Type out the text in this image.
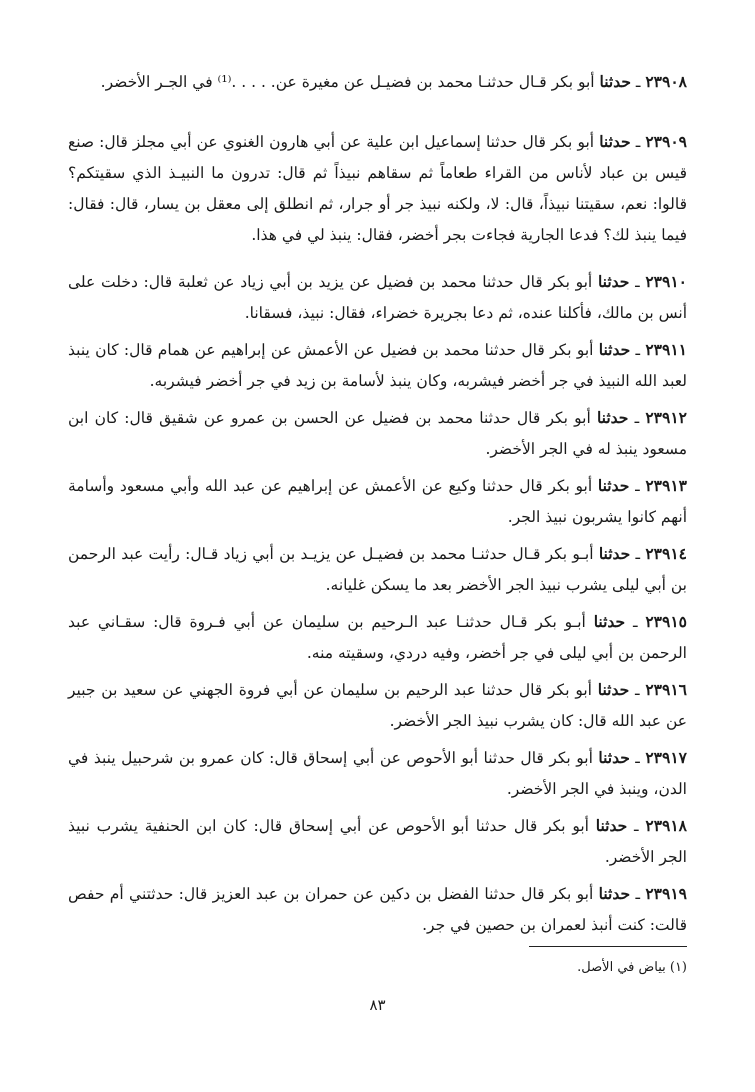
٢٣٩٠٨ ـ حدثنا أبو بكر قـال حدثنـا محمد بن فضيـل عن مغيرة عن. . . . .⁽¹⁾ في الجـر الأخضر.

٢٣٩٠٩ ـ حدثنا أبو بكر قال حدثنا إسماعيل ابن علية عن أبي هارون الغنوي عن أبي مجلز قال: صنع قيس بن عباد لأناس من القراء طعاماً ثم سقاهم نبيذاً ثم قال: تدرون ما النبيـذ الذي سقيتكم؟ قالوا: نعم، سقيتنا نبيذاً، قال: لا، ولكنه نبيذ جر أو جرار، ثم انطلق إلى معقل بن يسار، قال: فقال: فيما ينبذ لك؟ فدعا الجارية فجاءت بجر أخضر، فقال: ينبذ لي في هذا.

٢٣٩١٠ ـ حدثنا أبو بكر قال حدثنا محمد بن فضيل عن يزيد بن أبي زياد عن ثعلبة قال: دخلت على أنس بن مالك، فأكلنا عنده، ثم دعا بجريرة خضراء، فقال: نبيذ، فسقانا.

٢٣٩١١ ـ حدثنا أبو بكر قال حدثنا محمد بن فضيل عن الأعمش عن إبراهيم عن همام قال: كان ينبذ لعبد الله النبيذ في جر أخضر فيشربه، وكان ينبذ لأسامة بن زيد في جر أخضر فيشربه.

٢٣٩١٢ ـ حدثنا أبو بكر قال حدثنا محمد بن فضيل عن الحسن بن عمرو عن شقيق قال: كان ابن مسعود ينبذ له في الجر الأخضر.

٢٣٩١٣ ـ حدثنا أبو بكر قال حدثنا وكيع عن الأعمش عن إبراهيم عن عبد الله وأبي مسعود وأسامة أنهم كانوا يشربون نبيذ الجر.

٢٣٩١٤ ـ حدثنا أبـو بكر قـال حدثنـا محمد بن فضيـل عن يزيـد بن أبي زياد قـال: رأيت عبد الرحمن بن أبي ليلى يشرب نبيذ الجر الأخضر بعد ما يسكن غليانه.

٢٣٩١٥ ـ حدثنا أبـو بكر قـال حدثنـا عبد الـرحيم بن سليمان عن أبي فـروة قال: سقـاني عبد الرحمن بن أبي ليلى في جر أخضر، وفيه دردي، وسقيته منه.

٢٣٩١٦ ـ حدثنا أبو بكر قال حدثنا عبد الرحيم بن سليمان عن أبي فروة الجهني عن سعيد بن جبير عن عبد الله قال: كان يشرب نبيذ الجر الأخضر.

٢٣٩١٧ ـ حدثنا أبو بكر قال حدثنا أبو الأحوص عن أبي إسحاق قال: كان عمرو بن شرحبيل ينبذ في الدن، وينبذ في الجر الأخضر.

٢٣٩١٨ ـ حدثنا أبو بكر قال حدثنا أبو الأحوص عن أبي إسحاق قال: كان ابن الحنفية يشرب نبيذ الجر الأخضر.

٢٣٩١٩ ـ حدثنا أبو بكر قال حدثنا الفضل بن دكين عن حمران بن عبد العزيز قال: حدثتني أم حفص قالت: كنت أنبذ لعمران بن حصين في جر.

(١) بياض في الأصل.
٨٣
